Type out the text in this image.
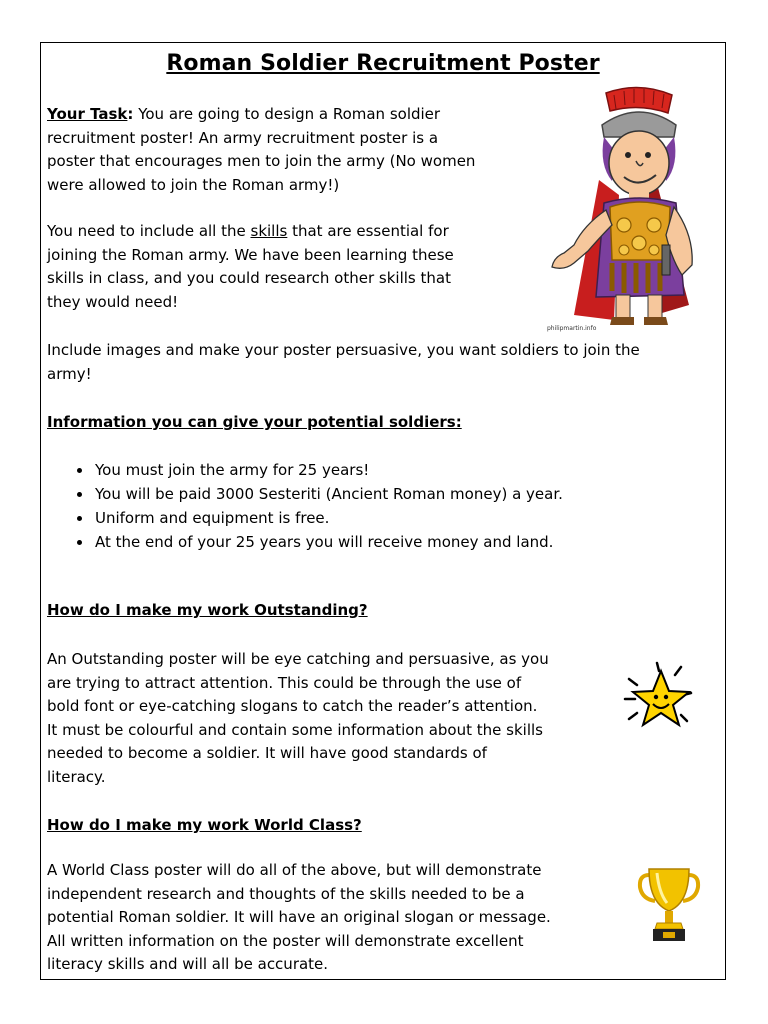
Roman Soldier Recruitment Poster
Your Task: You are going to design a Roman soldier
recruitment poster! An army recruitment poster is a
poster that encourages men to join the army (No women
were allowed to join the Roman army!)
You need to include all the skills that are essential for
joining the Roman army. We have been learning these
skills in class, and you could research other skills that
they would need!
Include images and make your poster persuasive, you want soldiers to join the
army!
Information you can give your potential soldiers:
• You must join the army for 25 years!
• You will be paid 3000 Sesteriti (Ancient Roman money) a year.
• Uniform and equipment is free.
• At the end of your 25 years you will receive money and land.
How do I make my work Outstanding?
An Outstanding poster will be eye catching and persuasive, as you
are trying to attract attention. This could be through the use of
bold font or eye-catching slogans to catch the reader’s attention.
It must be colourful and contain some information about the skills
needed to become a soldier. It will have good standards of
literacy.
How do I make my work World Class?
A World Class poster will do all of the above, but will demonstrate
independent research and thoughts of the skills needed to be a
potential Roman soldier. It will have an original slogan or message.
All written information on the poster will demonstrate excellent
literacy skills and will all be accurate.
philipmartin.info
